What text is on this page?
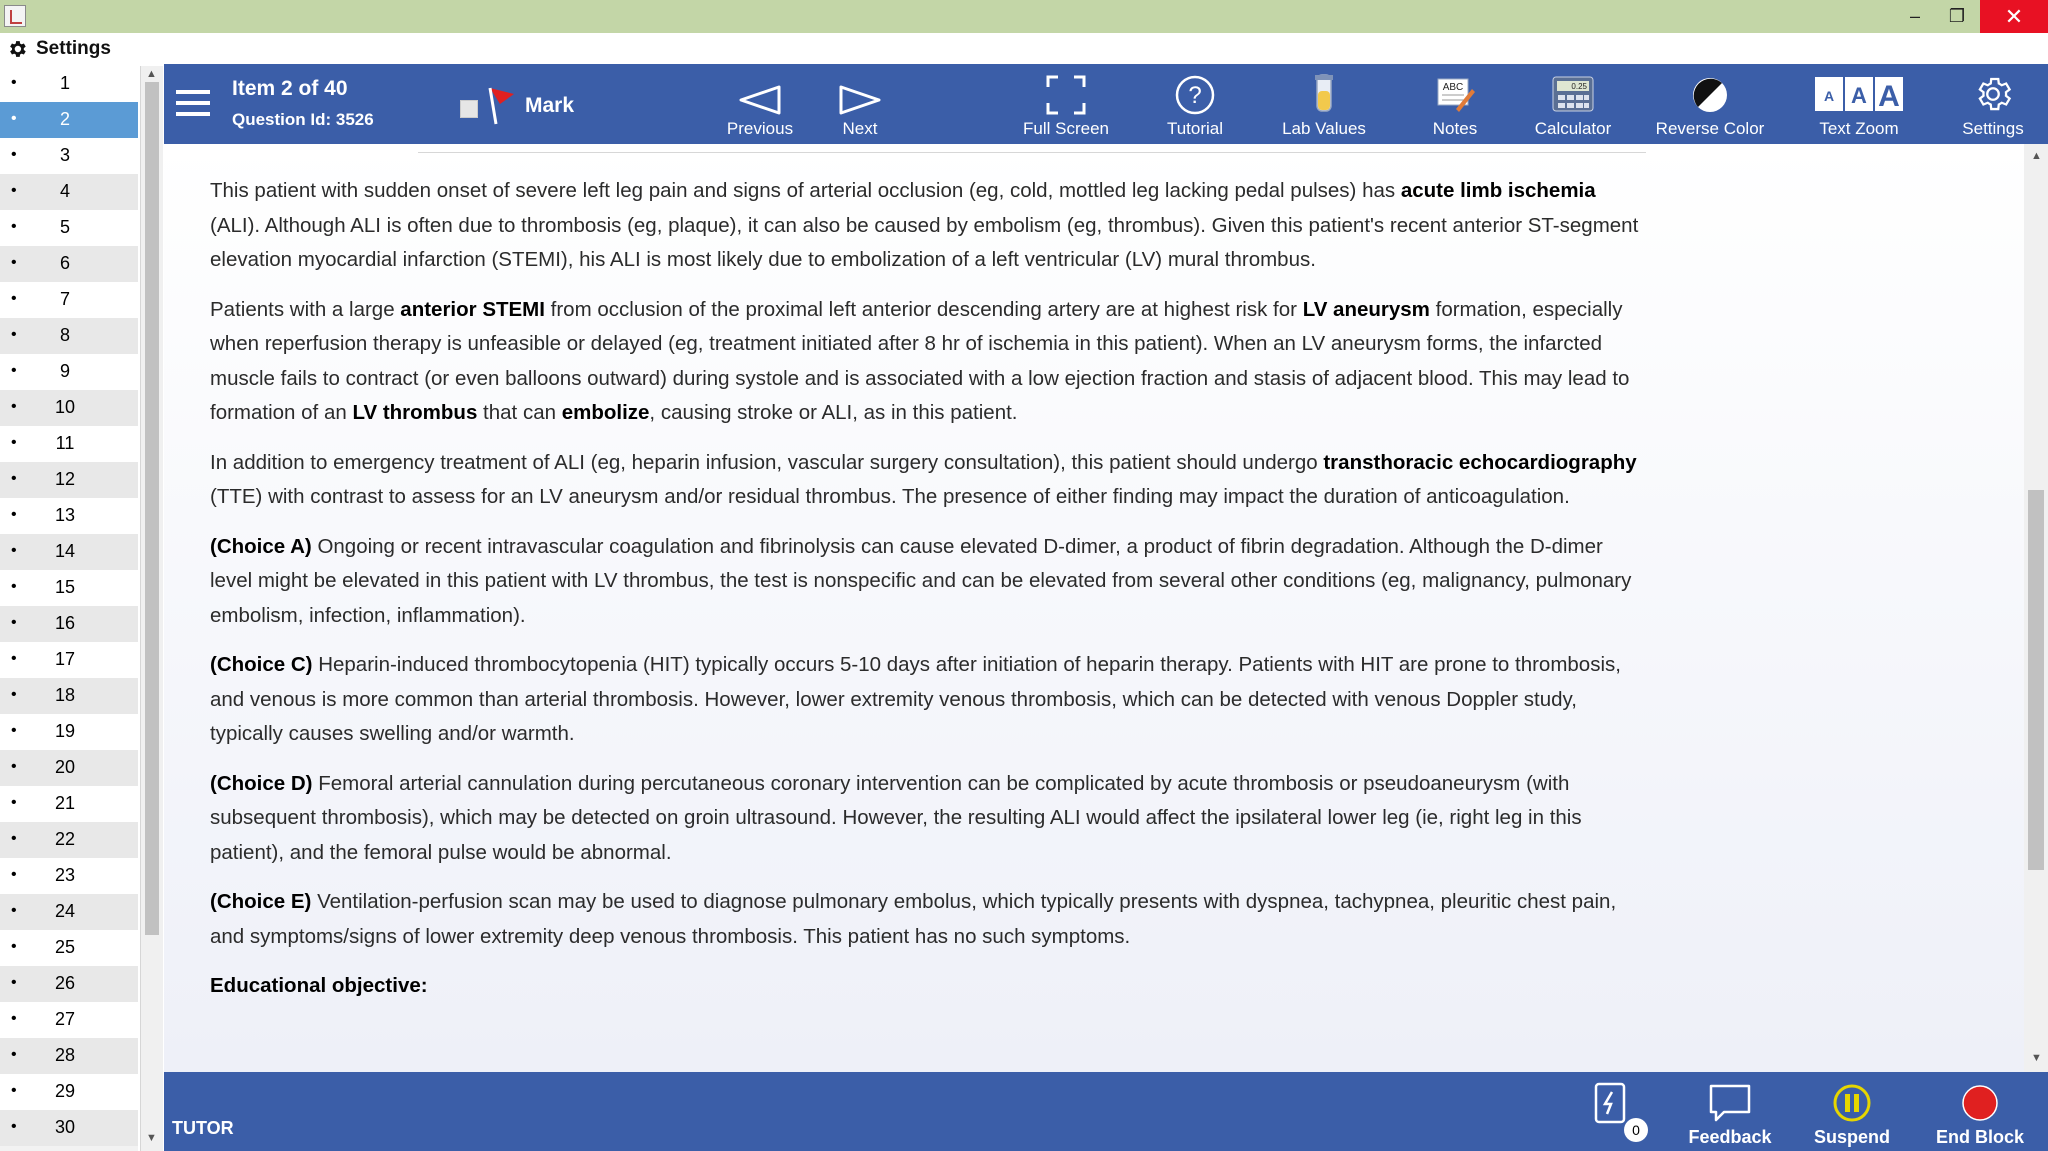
–	❐	✕
Settings
•	1
•	2
•	3
•	4
•	5
•	6
•	7
•	8
•	9
•	10
•	11
•	12
•	13
•	14
•	15
•	16
•	17
•	18
•	19
•	20
•	21
•	22
•	23
•	24
•	25
•	26
•	27
•	28
•	29
•	30
▲
▼
Item 2 of 40
Question Id: 3526
Mark
Previous	Next	Full Screen
?
Tutorial	Lab Values
ABC
Notes
0.25
Calculator	Reverse Color
A A A
Text Zoom	Settings

This patient with sudden onset of severe left leg pain and signs of arterial occlusion (eg, cold, mottled leg lacking pedal pulses) has acute limb ischemia (ALI). Although ALI is often due to thrombosis (eg, plaque), it can also be caused by embolism (eg, thrombus). Given this patient's recent anterior ST-segment elevation myocardial infarction (STEMI), his ALI is most likely due to embolization of a left ventricular (LV) mural thrombus.

Patients with a large anterior STEMI from occlusion of the proximal left anterior descending artery are at highest risk for LV aneurysm formation, especially when reperfusion therapy is unfeasible or delayed (eg, treatment initiated after 8 hr of ischemia in this patient). When an LV aneurysm forms, the infarcted muscle fails to contract (or even balloons outward) during systole and is associated with a low ejection fraction and stasis of adjacent blood. This may lead to formation of an LV thrombus that can embolize, causing stroke or ALI, as in this patient.

In addition to emergency treatment of ALI (eg, heparin infusion, vascular surgery consultation), this patient should undergo transthoracic echocardiography (TTE) with contrast to assess for an LV aneurysm and/or residual thrombus. The presence of either finding may impact the duration of anticoagulation.

(Choice A) Ongoing or recent intravascular coagulation and fibrinolysis can cause elevated D-dimer, a product of fibrin degradation. Although the D-dimer level might be elevated in this patient with LV thrombus, the test is nonspecific and can be elevated from several other conditions (eg, malignancy, pulmonary embolism, infection, inflammation).

(Choice C) Heparin-induced thrombocytopenia (HIT) typically occurs 5-10 days after initiation of heparin therapy. Patients with HIT are prone to thrombosis, and venous is more common than arterial thrombosis. However, lower extremity venous thrombosis, which can be detected with venous Doppler study, typically causes swelling and/or warmth.

(Choice D) Femoral arterial cannulation during percutaneous coronary intervention can be complicated by acute thrombosis or pseudoaneurysm (with subsequent thrombosis), which may be detected on groin ultrasound. However, the resulting ALI would affect the ipsilateral lower leg (ie, right leg in this patient), and the femoral pulse would be abnormal.

(Choice E) Ventilation-perfusion scan may be used to diagnose pulmonary embolus, which typically presents with dyspnea, tachypnea, pleuritic chest pain, and symptoms/signs of lower extremity deep venous thrombosis. This patient has no such symptoms.

Educational objective:

▲
▼
TUTOR	0	Feedback Suspend	End Block
